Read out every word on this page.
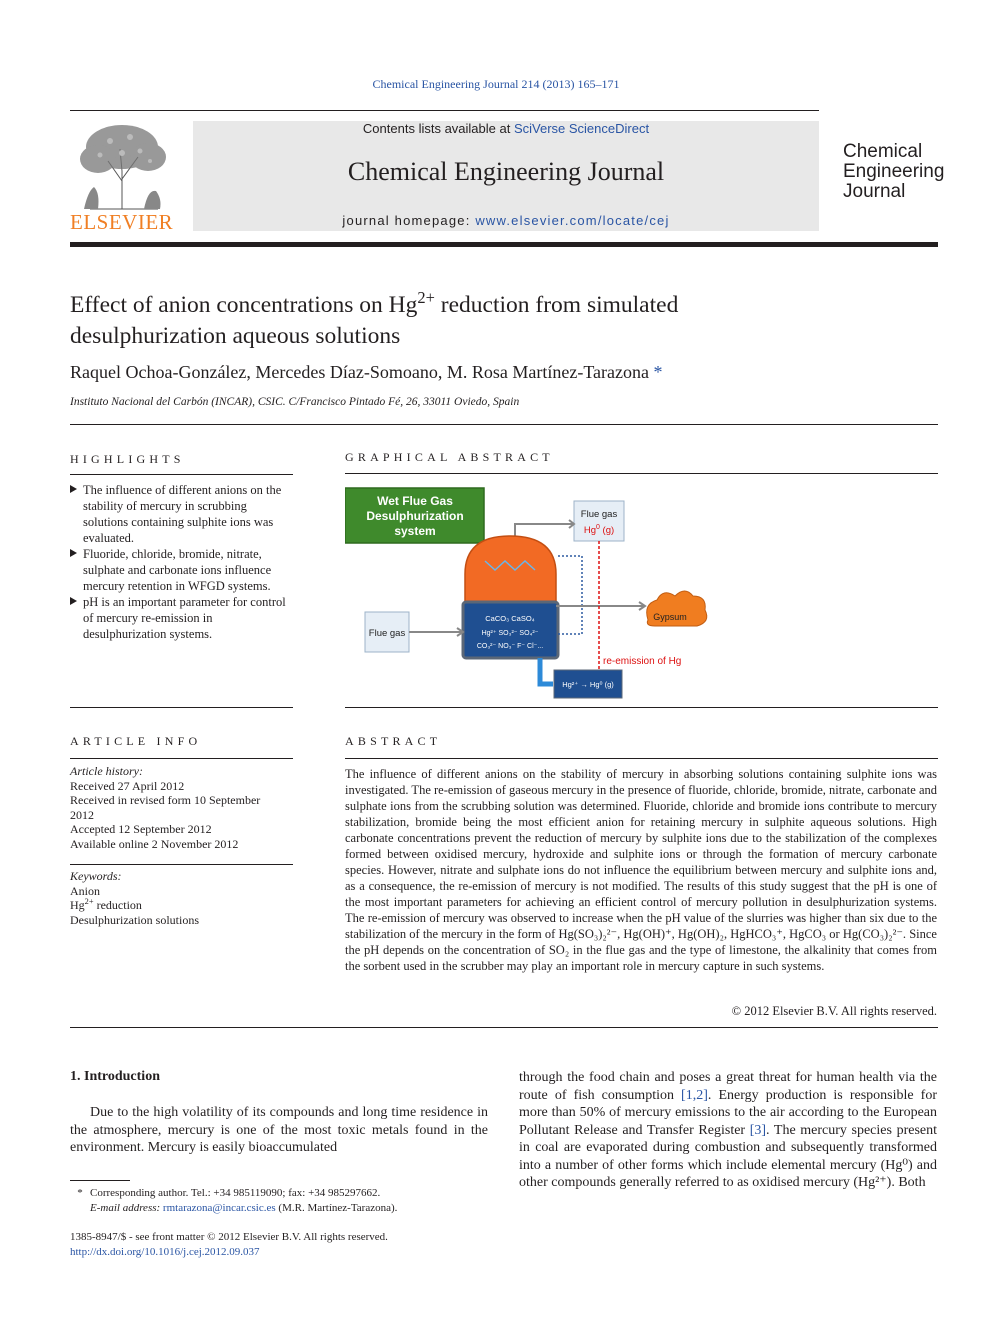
Chemical Engineering Journal 214 (2013) 165–171
ELSEVIER
Contents lists available at SciVerse ScienceDirect
Chemical Engineering Journal
journal homepage: www.elsevier.com/locate/cej
Chemical
Engineering
Journal
Effect of anion concentrations on $Hg^{2+}$ reduction from simulated
desulphurization aqueous solutions
Raquel Ochoa-González, Mercedes Díaz-Somoano, M. Rosa Martínez-Tarazona *
Instituto Nacional del Carbón (INCAR), CSIC. C/Francisco Pintado Fé, 26, 33011 Oviedo, Spain
HIGHLIGHTS
The influence of different anions on the stability of mercury in scrubbing solutions containing sulphite ions was evaluated.
Fluoride, chloride, bromide, nitrate, sulphate and carbonate ions influence mercury retention in WFGD systems.
pH is an important parameter for control of mercury re-emission in desulphurization systems.
GRAPHICAL ABSTRACT
Wet Flue Gas
Desulphurization
system
Flue gas
Hg$^0$ (g)
CaCO₃ CaSO₄
Hg²⁺ SO₃²⁻ SO₄²⁻
CO₃²⁻ NO₃⁻ F⁻ Cl⁻...
Flue gas
Gypsum
re-emission of Hg
Hg²⁺ → Hg⁰ (g)
ARTICLE INFO
Article history:
Received 27 April 2012
Received in revised form 10 September
2012
Accepted 12 September 2012
Available online 2 November 2012
Keywords:
Anion
$Hg^{2+}$ reduction
Desulphurization solutions
ABSTRACT
The influence of different anions on the stability of mercury in absorbing solutions containing sulphite ions was investigated. The re-emission of gaseous mercury in the presence of fluoride, chloride, bromide, nitrate, carbonate and sulphate ions from the scrubbing solution was determined. Fluoride, chloride and bromide ions contribute to mercury stabilization, bromide being the most efficient anion for retaining mercury in sulphite aqueous solutions. High carbonate concentrations prevent the reduction of mercury by sulphite ions due to the stabilization of the complexes formed between oxidised mercury, hydroxide and sulphite ions or through the formation of mercury carbonate species. However, nitrate and sulphate ions do not influence the equilibrium between mercury and sulphite ions and, as a consequence, the re-emission of mercury is not modified. The results of this study suggest that the pH is one of the most important parameters for achieving an efficient control of mercury pollution in desulphurization systems. The re-emission of mercury was observed to increase when the pH value of the slurries was higher than six due to the stabilization of the mercury in the form of Hg(SO₃)₂²⁻, Hg(OH)⁺, Hg(OH)₂, HgHCO₃⁺, HgCO₃ or Hg(CO₃)₂²⁻. Since the pH depends on the concentration of SO₂ in the flue gas and the type of limestone, the alkalinity that comes from the sorbent used in the scrubber may play an important role in mercury capture in such systems.
© 2012 Elsevier B.V. All rights reserved.
1. Introduction
Due to the high volatility of its compounds and long time residence in the atmosphere, mercury is one of the most toxic metals found in the environment. Mercury is easily bioaccumulated
through the food chain and poses a great threat for human health via the route of fish consumption [1,2]. Energy production is responsible for more than 50% of mercury emissions to the air according to the European Pollutant Release and Transfer Register [3]. The mercury species present in coal are evaporated during combustion and subsequently transformed into a number of other forms which include elemental mercury (Hg⁰) and other compounds generally referred to as oxidised mercury (Hg²⁺). Both
* Corresponding author. Tel.: +34 985119090; fax: +34 985297662.
E-mail address: rmtarazona@incar.csic.es (M.R. Martínez-Tarazona).
1385-8947/$ - see front matter © 2012 Elsevier B.V. All rights reserved.
http://dx.doi.org/10.1016/j.cej.2012.09.037
